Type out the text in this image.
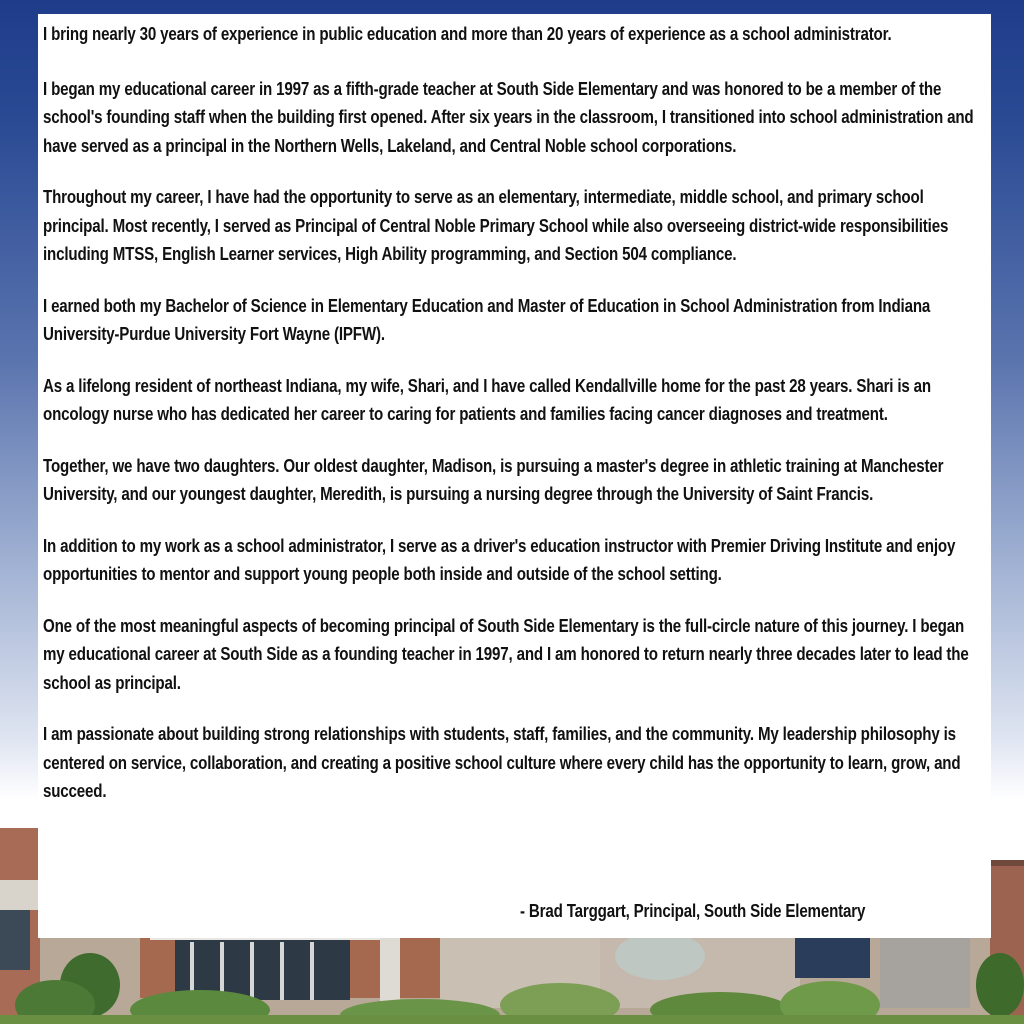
I bring nearly 30 years of experience in public education and more than 20 years of experience as a school administrator.

I began my educational career in 1997 as a fifth-grade teacher at South Side Elementary and was honored to be a member of the school's founding staff when the building first opened. After six years in the classroom, I transitioned into school administration and have served as a principal in the Northern Wells, Lakeland, and Central Noble school corporations.

Throughout my career, I have had the opportunity to serve as an elementary, intermediate, middle school, and primary school principal. Most recently, I served as Principal of Central Noble Primary School while also overseeing district-wide responsibilities including MTSS, English Learner services, High Ability programming, and Section 504 compliance.

I earned both my Bachelor of Science in Elementary Education and Master of Education in School Administration from Indiana University-Purdue University Fort Wayne (IPFW).

As a lifelong resident of northeast Indiana, my wife, Shari, and I have called Kendallville home for the past 28 years. Shari is an oncology nurse who has dedicated her career to caring for patients and families facing cancer diagnoses and treatment.

Together, we have two daughters. Our oldest daughter, Madison, is pursuing a master's degree in athletic training at Manchester University, and our youngest daughter, Meredith, is pursuing a nursing degree through the University of Saint Francis.

In addition to my work as a school administrator, I serve as a driver's education instructor with Premier Driving Institute and enjoy opportunities to mentor and support young people both inside and outside of the school setting.

One of the most meaningful aspects of becoming principal of South Side Elementary is the full-circle nature of this journey. I began my educational career at South Side as a founding teacher in 1997, and I am honored to return nearly three decades later to lead the school as principal.

I am passionate about building strong relationships with students, staff, families, and the community. My leadership philosophy is centered on service, collaboration, and creating a positive school culture where every child has the opportunity to learn, grow, and succeed.

- Brad Targgart, Principal, South Side Elementary
